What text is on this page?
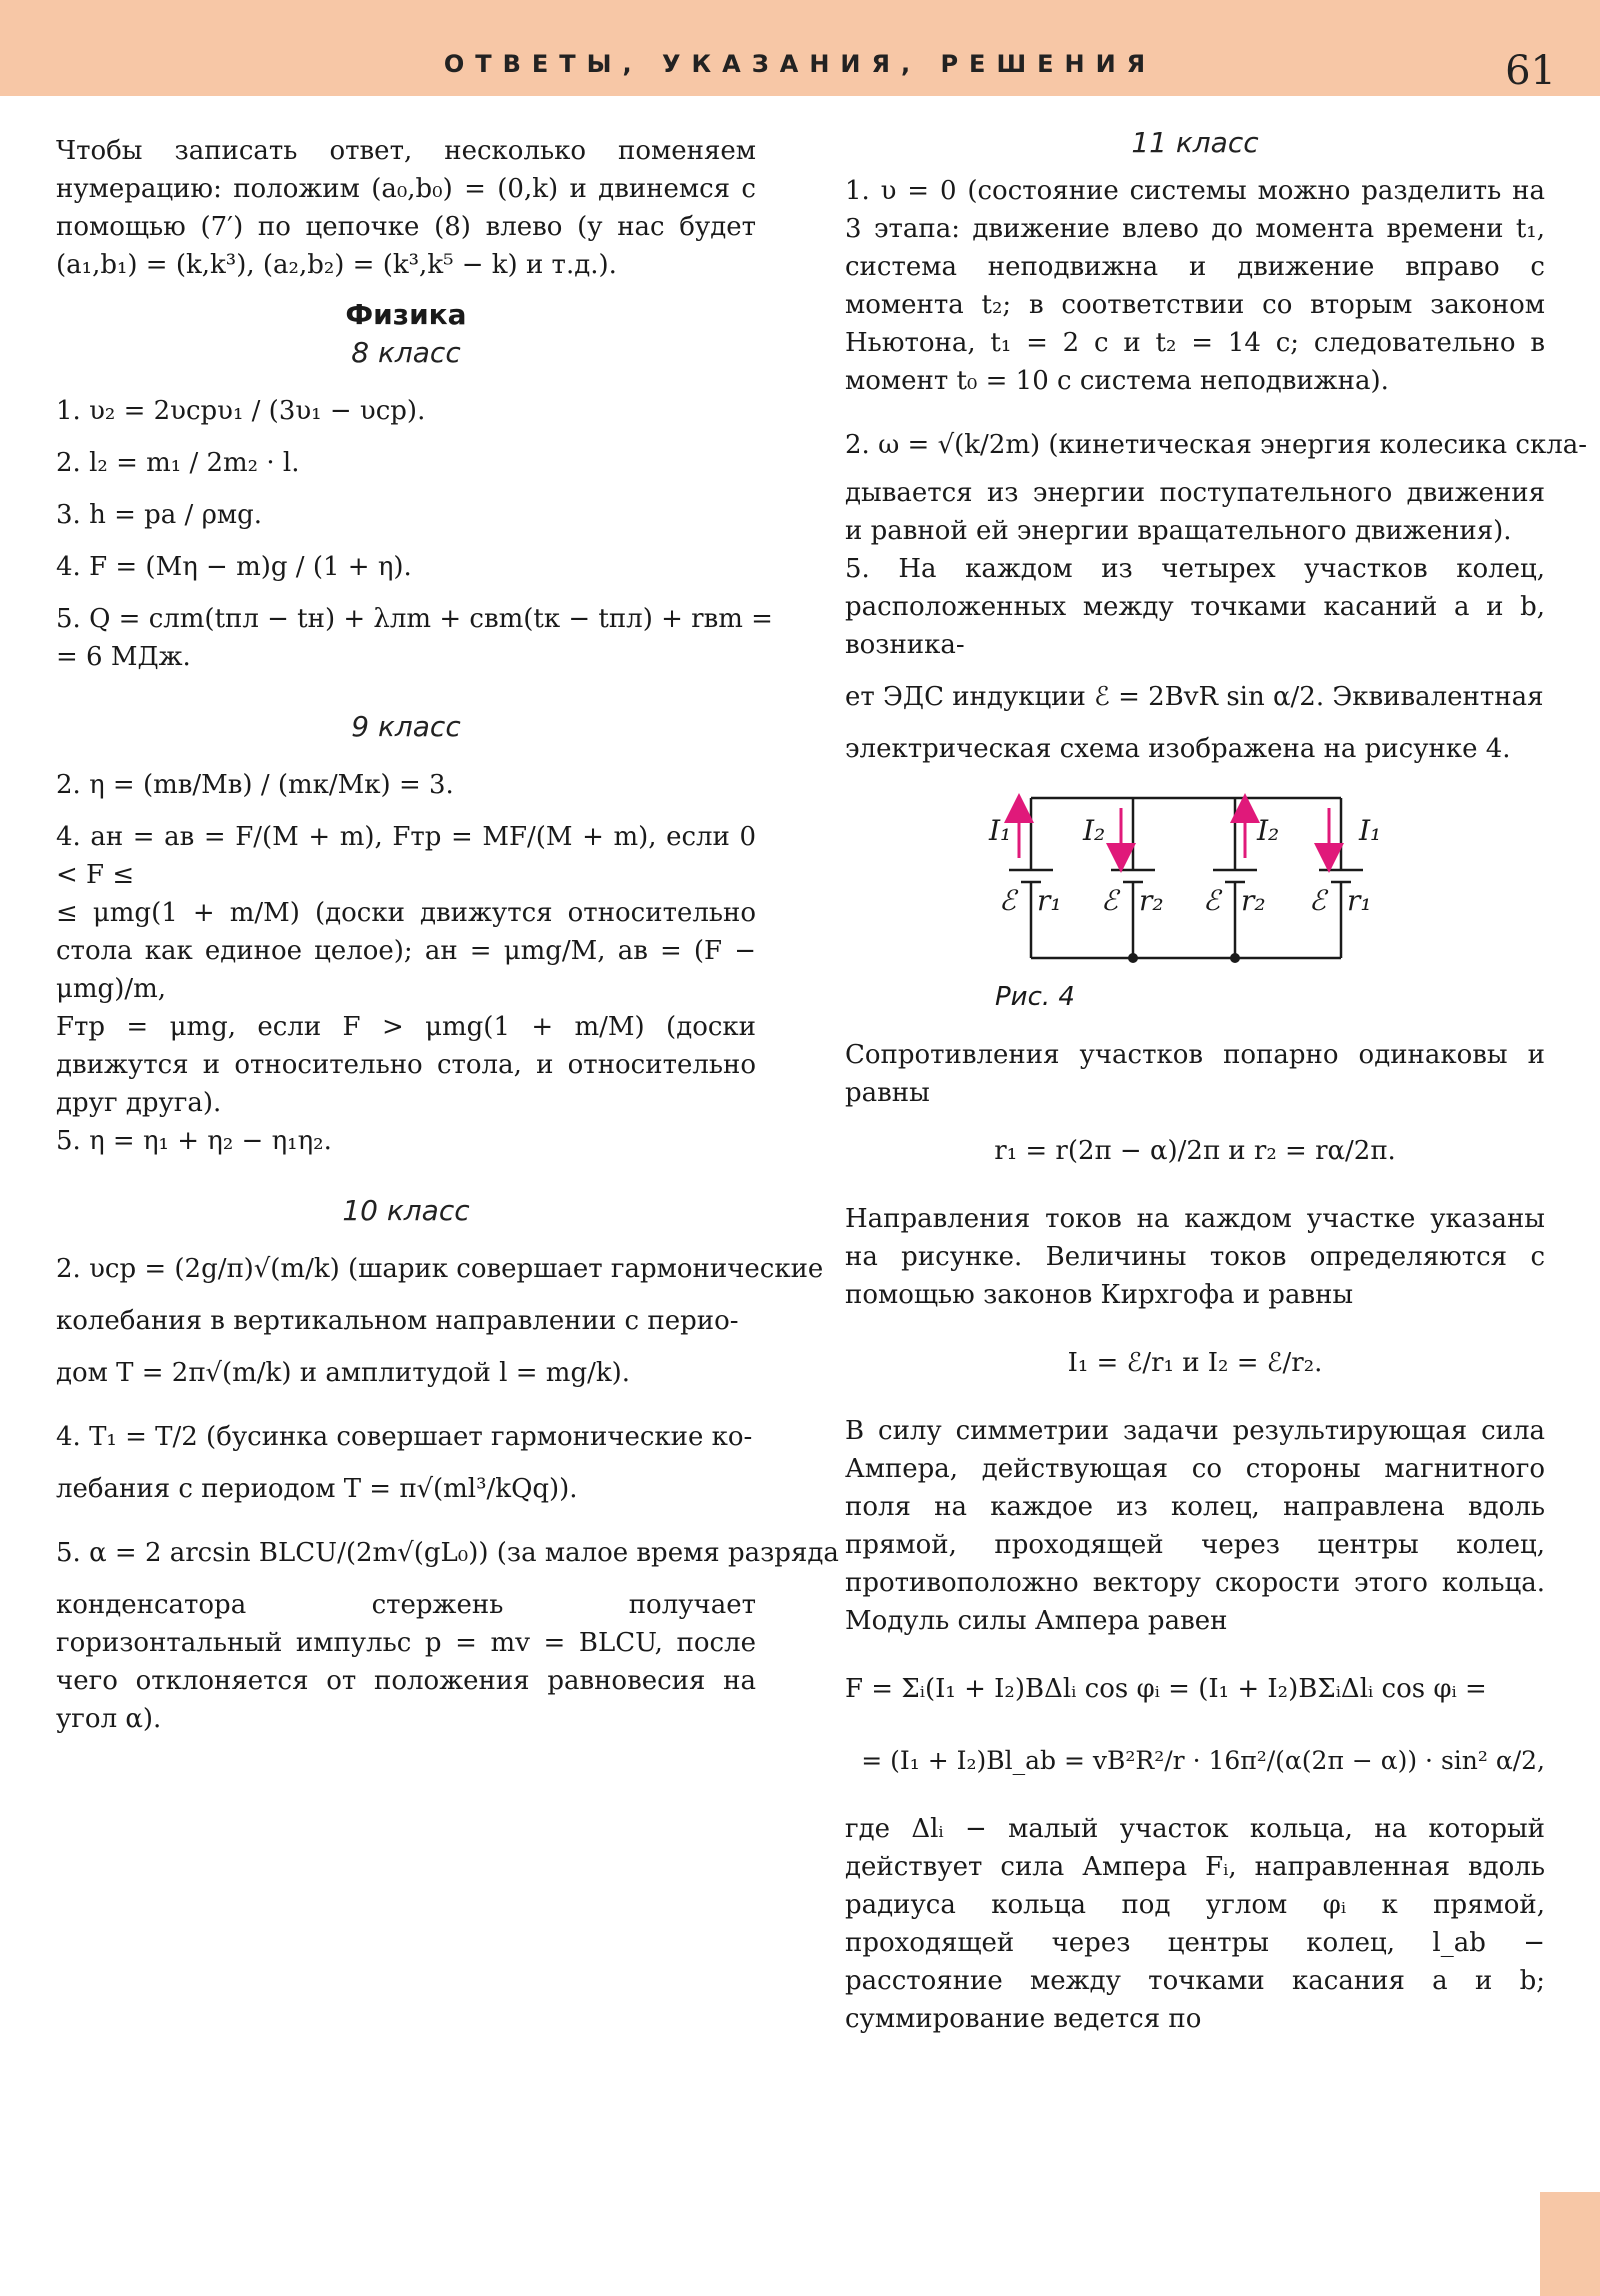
ОТВЕТЫ, УКАЗАНИЯ, РЕШЕНИЯ	61
Чтобы записать ответ, несколько поменяем нумерацию: положим (a₀,b₀) = (0,k) и двинемся с помощью (7′) по цепочке (8) влево (у нас будет (a₁,b₁) = (k,k³), (a₂,b₂) = (k³,k⁵ − k) и т.д.).
Физика
8 класс
1. υ₂ = 2υсрυ₁ / (3υ₁ − υср).
2. l₂ = m₁ / 2m₂ · l.
3. h = pа / ρмg.
4. F = (Mη − m)g / (1 + η).
5. Q = cлm(tпл − tн) + λлm + cвm(tк − tпл) + rвm =
= 6 МДж.
9 класс
2. η = (mв/Mв) / (mк/Mк) = 3.
4. aн = aв = F/(M + m), Fтр = MF/(M + m), если 0 < F ≤
≤ μmg(1 + m/M) (доски движутся относительно стола как единое целое); aн = μmg/M, aв = (F − μmg)/m,
Fтр = μmg, если F > μmg(1 + m/M) (доски движутся и относительно стола, и относительно друг друга).
5. η = η₁ + η₂ − η₁η₂.
10 класс
2. υср = (2g/π)√(m/k) (шарик совершает гармонические
колебания в вертикальном направлении с перио-
дом T = 2π√(m/k) и амплитудой l = mg/k).
4. T₁ = T/2 (бусинка совершает гармонические ко-
лебания с периодом T = π√(ml³/kQq)).
5. α = 2 arcsin BLCU/(2m√(gL₀)) (за малое время разряда
конденсатора стержень получает горизонтальный импульс p = mv = BLCU, после чего отклоняется от положения равновесия на угол α).
11 класс
1. υ = 0 (состояние системы можно разделить на 3 этапа: движение влево до момента времени t₁, система неподвижна и движение вправо с момента t₂; в соответствии со вторым законом Ньютона, t₁ = 2 с и t₂ = 14 с; следовательно в момент t₀ = 10 с система неподвижна).
2. ω = √(k/2m) (кинетическая энергия колесика скла-
дывается из энергии поступательного движения и равной ей энергии вращательного движения).
5. На каждом из четырех участков колец, расположенных между точками касаний a и b, возника-
ет ЭДС индукции ℰ = 2BvR sin α/2. Эквивалентная
электрическая схема изображена на рисунке 4.
I₁	I₂	I₂	I₁
ℰ r₁ ℰ r₂ ℰ r₂ ℰ r₁
Рис. 4
Сопротивления участков попарно одинаковы и равны
r₁ = r(2π − α)/2π и r₂ = rα/2π.
Направления токов на каждом участке указаны на рисунке. Величины токов определяются с помощью законов Кирхгофа и равны
I₁ = ℰ/r₁ и I₂ = ℰ/r₂.
В силу симметрии задачи результирующая сила Ампера, действующая со стороны магнитного поля на каждое из колец, направлена вдоль прямой, проходящей через центры колец, противоположно вектору скорости этого кольца. Модуль силы Ампера равен
F = Σᵢ(I₁ + I₂)BΔlᵢ cos φᵢ = (I₁ + I₂)BΣᵢΔlᵢ cos φᵢ =
= (I₁ + I₂)Bl_ab = vB²R²/r · 16π²/(α(2π − α)) · sin² α/2,
где Δlᵢ − малый участок кольца, на который действует сила Ампера Fᵢ, направленная вдоль радиуса кольца под углом φᵢ к прямой, проходящей через центры колец, l_ab − расстояние между точками касания a и b; суммирование ведется по
